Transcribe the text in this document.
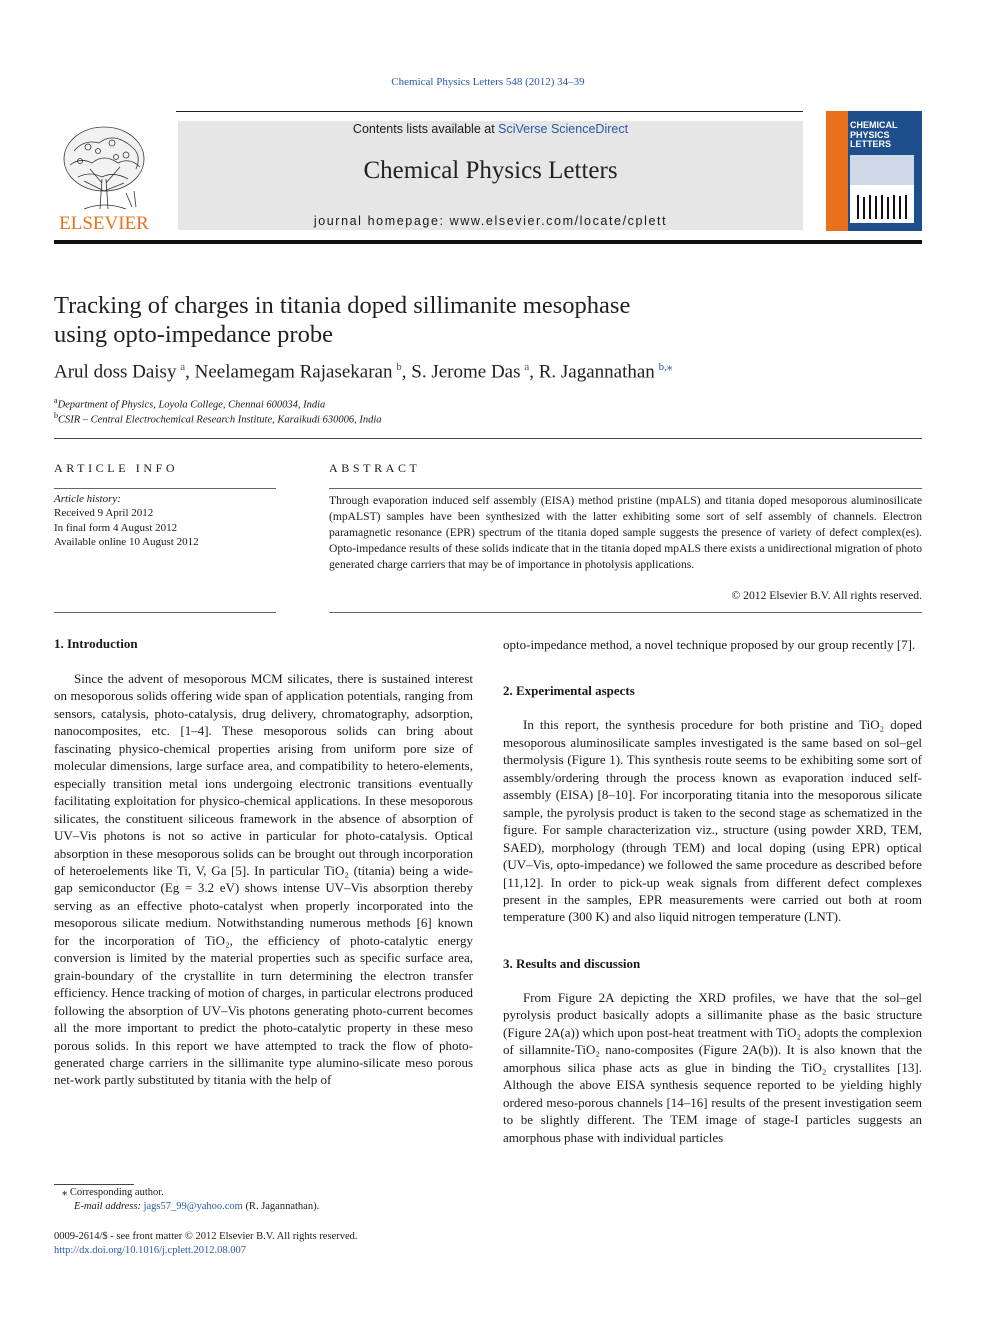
Chemical Physics Letters 548 (2012) 34–39
ELSEVIER
Contents lists available at SciVerse ScienceDirect
Chemical Physics Letters
journal homepage: www.elsevier.com/locate/cplett
CHEMICAL
PHYSICS
LETTERS
Tracking of charges in titania doped sillimanite mesophase
using opto-impedance probe
Arul doss Daisy  $^a$, Neelamegam Rajasekaran  $^b$, S. Jerome Das  $^a$, R. Jagannathan  $^{b,⁎}$
$^a$Department of Physics, Loyola College, Chennai 600034, India
$^b$CSIR – Central Electrochemical Research Institute, Karaikudi 630006, India
ARTICLE INFO	ABSTRACT
Article history:
Received 9 April 2012
In final form 4 August 2012
Available online 10 August 2012
Through evaporation induced self assembly (EISA) method pristine (mpALS) and titania doped mesoporous aluminosilicate (mpALST) samples have been synthesized with the latter exhibiting some sort of self assembly of channels. Electron paramagnetic resonance (EPR) spectrum of the titania doped sample suggests the presence of variety of defect complex(es). Opto-impedance results of these solids indicate that in the titania doped mpALS there exists a unidirectional migration of photo generated charge carriers that may be of importance in photolysis applications.
© 2012 Elsevier B.V. All rights reserved.
1. Introduction

Since the advent of mesoporous MCM silicates, there is sustained interest on mesoporous solids offering wide span of application potentials, ranging from sensors, catalysis, photo-catalysis, drug delivery, chromatography, adsorption, nanocomposites, etc. [1–4]. These mesoporous solids can bring about fascinating physico-chemical properties arising from uniform pore size of molecular dimensions, large surface area, and compatibility to hetero-elements, especially transition metal ions undergoing electronic transitions eventually facilitating exploitation for physico-chemical applications. In these mesoporous silicates, the constituent siliceous framework in the absence of absorption of UV–Vis photons is not so active in particular for photo-catalysis. Optical absorption in these mesoporous solids can be brought out through incorporation of heteroelements like Ti, V, Ga [5]. In particular TiO₂ (titania) being a wide-gap semiconductor (Eg = 3.2 eV) shows intense UV–Vis absorption thereby serving as an effective photo-catalyst when properly incorporated into the mesoporous silicate medium. Notwithstanding numerous methods [6] known for the incorporation of TiO₂, the efficiency of photo-catalytic energy conversion is limited by the material properties such as specific surface area, grain-boundary of the crystallite in turn determining the electron transfer efficiency. Hence tracking of motion of charges, in particular electrons produced following the absorption of UV–Vis photons generating photo-current becomes all the more important to predict the photo-catalytic property in these meso porous solids. In this report we have attempted to track the flow of photo-generated charge carriers in the sillimanite type alumino-silicate meso porous net-work partly substituted by titania with the help of

opto-impedance method, a novel technique proposed by our group recently [7].

2. Experimental aspects

In this report, the synthesis procedure for both pristine and TiO₂ doped mesoporous aluminosilicate samples investigated is the same based on sol–gel thermolysis (Figure 1). This synthesis route seems to be exhibiting some sort of assembly/ordering through the process known as evaporation induced self-assembly (EISA) [8–10]. For incorporating titania into the mesoporous silicate sample, the pyrolysis product is taken to the second stage as schematized in the figure. For sample characterization viz., structure (using powder XRD, TEM, SAED), morphology (through TEM) and local doping (using EPR) optical (UV–Vis, opto-impedance) we followed the same procedure as described before [11,12]. In order to pick-up weak signals from different defect complexes present in the samples, EPR measurements were carried out both at room temperature (300 K) and also liquid nitrogen temperature (LNT).

3. Results and discussion

From Figure 2A depicting the XRD profiles, we have that the sol–gel pyrolysis product basically adopts a sillimanite phase as the basic structure (Figure 2A(a)) which upon post-heat treatment with TiO₂ adopts the complexion of sillamnite-TiO₂ nano-composites (Figure 2A(b)). It is also known that the amorphous silica phase acts as glue in binding the TiO₂ crystallites [13]. Although the above EISA synthesis sequence reported to be yielding highly ordered meso-porous channels [14–16] results of the present investigation seem to be slightly different. The TEM image of stage-I particles suggests an amorphous phase with individual particles

⁎ Corresponding author.
E-mail address: jags57_99@yahoo.com (R. Jagannathan).
0009-2614/$ - see front matter © 2012 Elsevier B.V. All rights reserved.
http://dx.doi.org/10.1016/j.cplett.2012.08.007
